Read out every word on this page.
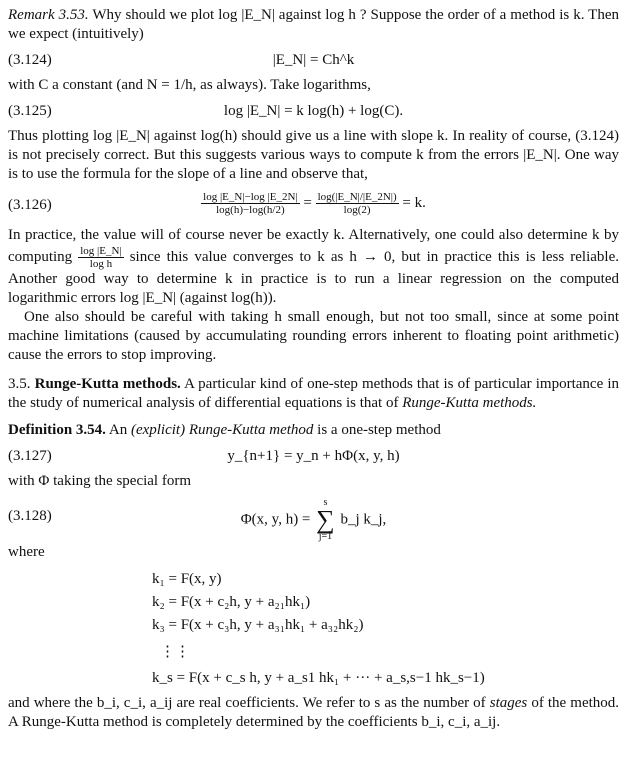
Remark 3.53. Why should we plot log |E_N| against log h ? Suppose the order of a method is k. Then we expect (intuitively)

(3.124)	|E_N| = Ch^k

with C a constant (and N = 1/h, as always). Take logarithms,

(3.125)	log |E_N| = k log(h) + log(C).

Thus plotting log |E_N| against log(h) should give us a line with slope k. In reality of course, (3.124) is not precisely correct. But this suggests various ways to compute k from the errors |E_N|. One way is to use the formula for the slope of a line and observe that,

(3.126)	$\frac{\log |E\_N|-\log |E\_2N|}{\log(h)-\log(h/2)} = \frac{\log(|E\_N|/|E\_2N|)}{\log(2)} = k$.

In practice, the value will of course never be exactly k. Alternatively, one could also determine k by computing $\frac{\log |E\_N|}{\text{log h}}$ since this value converges to k as h → 0, but in practice this is less reliable. Another good way to determine k in practice is to run a linear regression on the computed logarithmic errors log |E_N| (against log(h)).

One also should be careful with taking h small enough, but not too small, since at some point machine limitations (caused by accumulating rounding errors inherent to floating point arithmetic) cause the errors to stop improving.

3.5. Runge-Kutta methods. A particular kind of one-step methods that is of particular importance in the study of numerical analysis of differential equations is that of Runge-Kutta methods.

Definition 3.54. An (explicit) Runge-Kutta method is a one-step method

(3.127)	y_{n+1} = y_n + hΦ(x, y, h)

with Φ taking the special form

(3.128)	Φ(x, y, h) = s
∑
j=1 b_j k_j,

where

k₁ = F(x, y)
k₂ = F(x + c₂h, y + a₂₁hk₁)
k₃ = F(x + c₃h, y + a₃₁hk₁ + a₃₂hk₂)
⋮⋮
k_s = F(x + c_s h, y + a_s1 hk₁ + ··· + a_s,s−1 hk_s−1)

and where the b_i, c_i, a_ij are real coefficients. We refer to s as the number of stages of the method. A Runge-Kutta method is completely determined by the coefficients b_i, c_i, a_ij.
